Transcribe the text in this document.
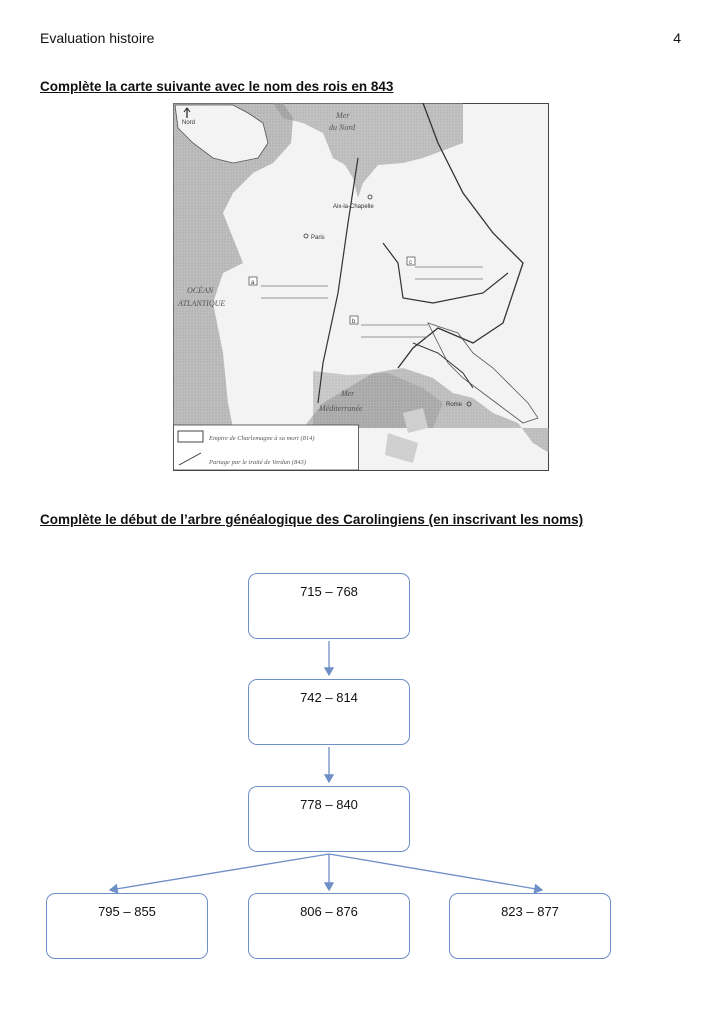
Evaluation histoire	4
Complète la carte suivante avec le nom des rois en 843
a
b
c
Aix-la-Chapelle
Paris
Rome
Mer
du Nord
OCÉAN
ATLANTIQUE
Mer
Méditerranée
Nord
Empire de Charlemagne à sa mort (814)
Partage par le traité de Verdun (843)
Complète le début de l’arbre généalogique des Carolingiens (en inscrivant les noms)
715 – 768
742 – 814
778 – 840
795 – 855	806 – 876	823 – 877
